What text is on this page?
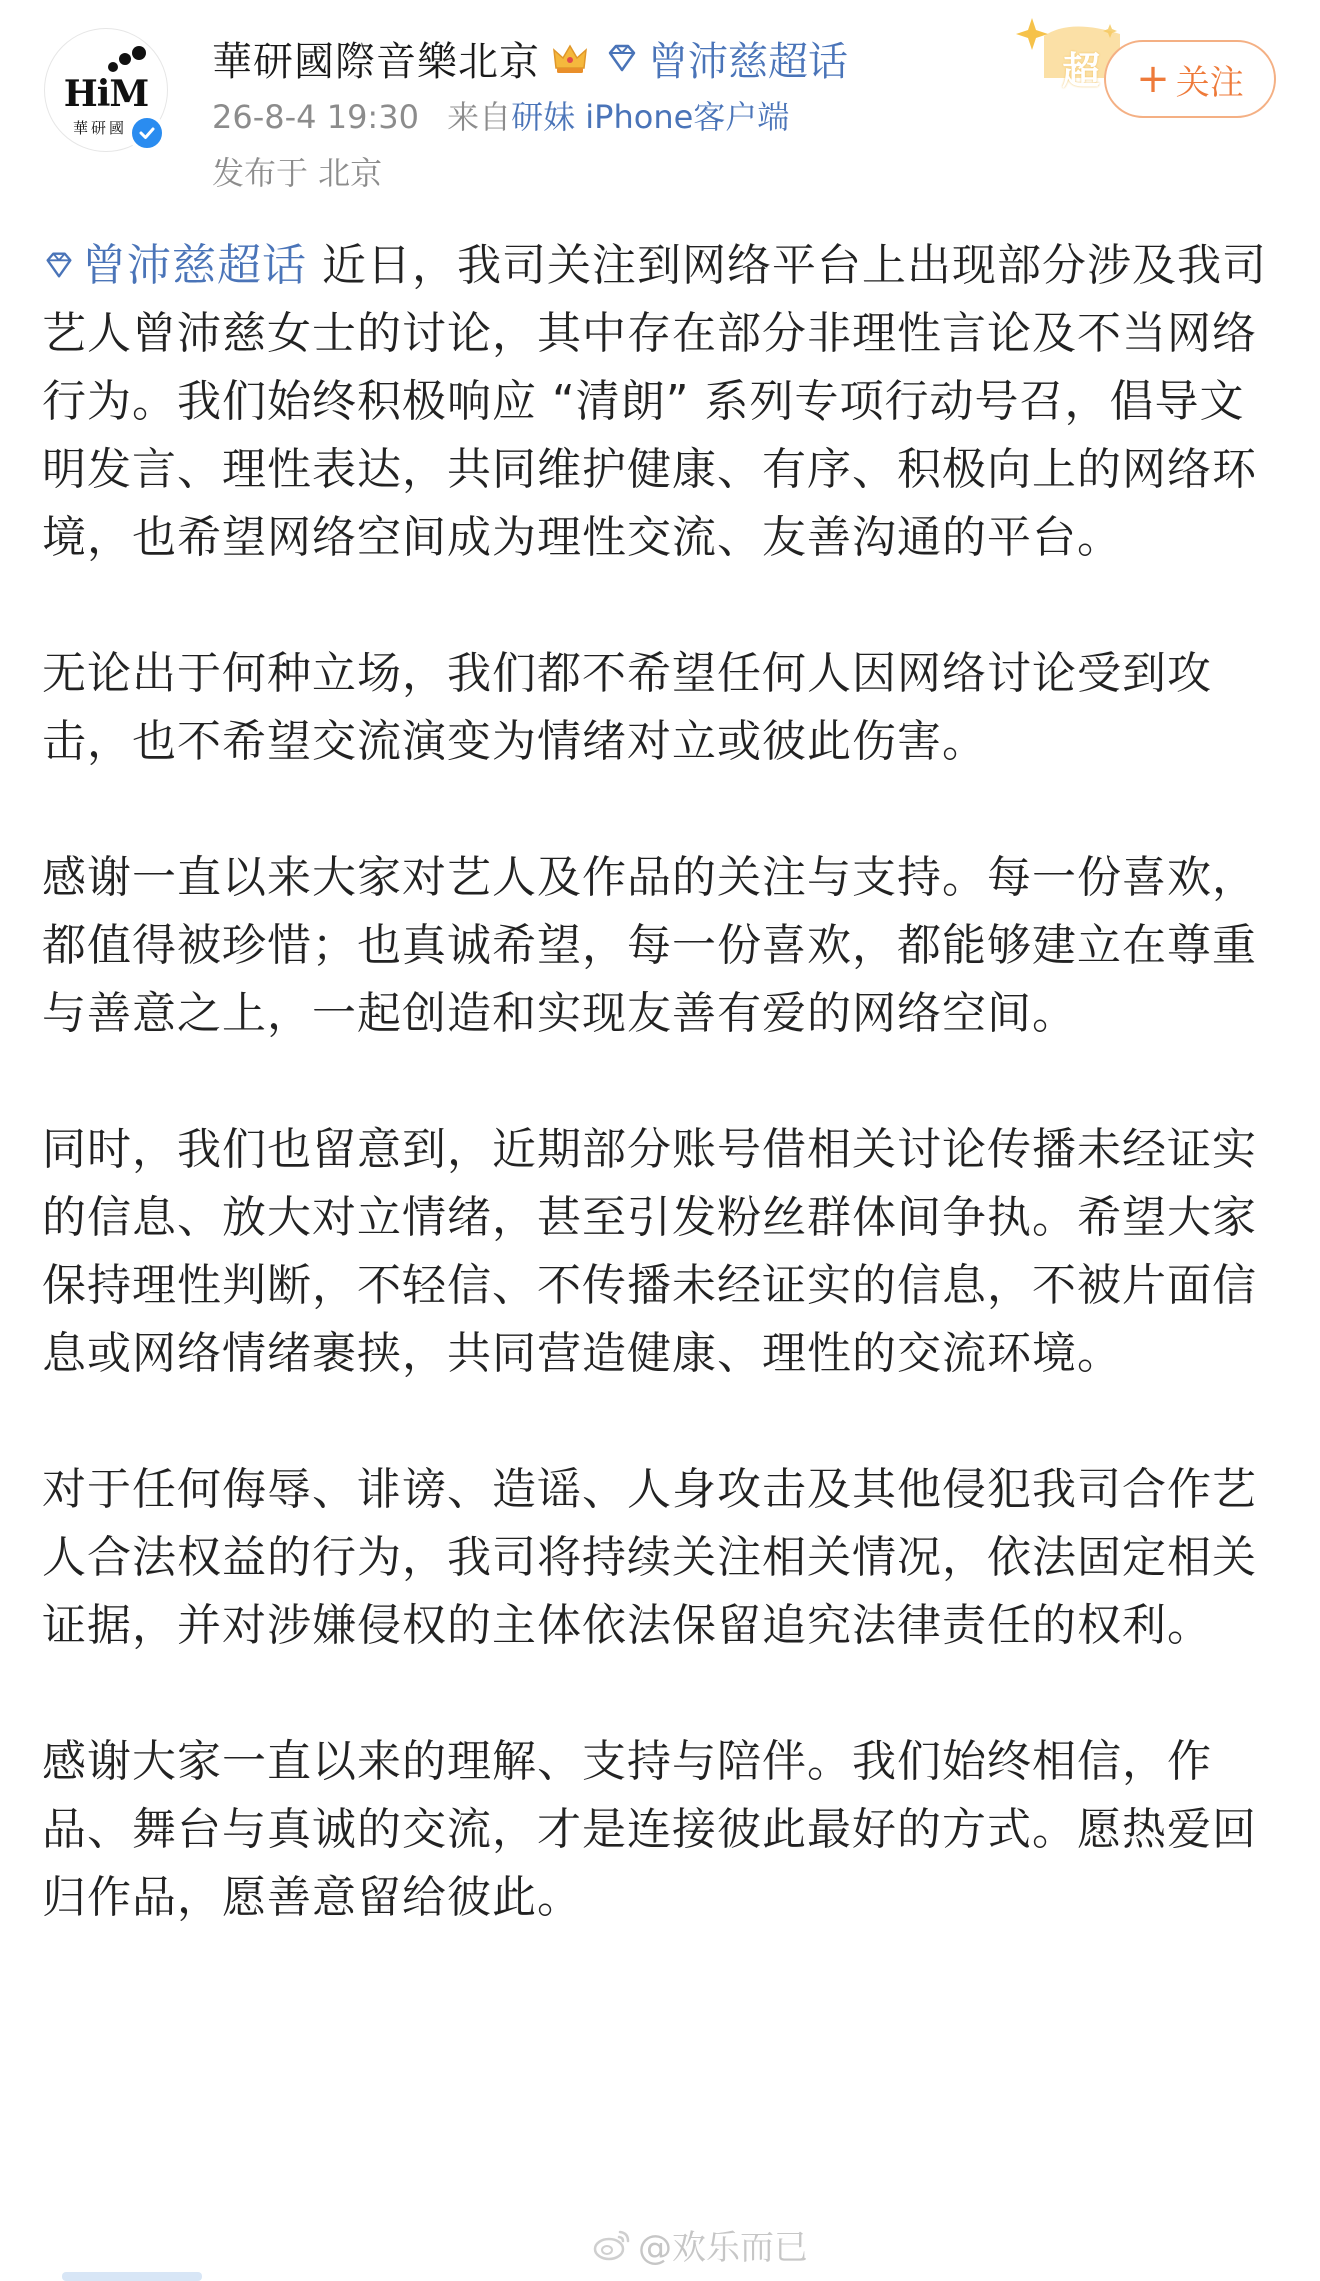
HiM
華研國
華研國際音樂北京	曾沛慈超话
26-8-4 19:30 来自研妹 iPhone客户端
发布于 北京
超 + 关注

曾沛慈超话 近日，我司关注到网络平台上出现部分涉及我司艺人曾沛慈女士的讨论，其中存在部分非理性言论及不当网络行为。我们始终积极响应 “清朗” 系列专项行动号召，倡导文明发言、理性表达，共同维护健康、有序、积极向上的网络环境，也希望网络空间成为理性交流、友善沟通的平台。

无论出于何种立场，我们都不希望任何人因网络讨论受到攻击，也不希望交流演变为情绪对立或彼此伤害。

感谢一直以来大家对艺人及作品的关注与支持。每一份喜欢，都值得被珍惜；也真诚希望，每一份喜欢，都能够建立在尊重与善意之上，一起创造和实现友善有爱的网络空间。

同时，我们也留意到，近期部分账号借相关讨论传播未经证实的信息、放大对立情绪，甚至引发粉丝群体间争执。希望大家保持理性判断，不轻信、不传播未经证实的信息，不被片面信息或网络情绪裹挟，共同营造健康、理性的交流环境。

对于任何侮辱、诽谤、造谣、人身攻击及其他侵犯我司合作艺人合法权益的行为，我司将持续关注相关情况，依法固定相关证据，并对涉嫌侵权的主体依法保留追究法律责任的权利。

感谢大家一直以来的理解、支持与陪伴。我们始终相信，作品、舞台与真诚的交流，才是连接彼此最好的方式。愿热爱回归作品，愿善意留给彼此。

@欢乐而已
